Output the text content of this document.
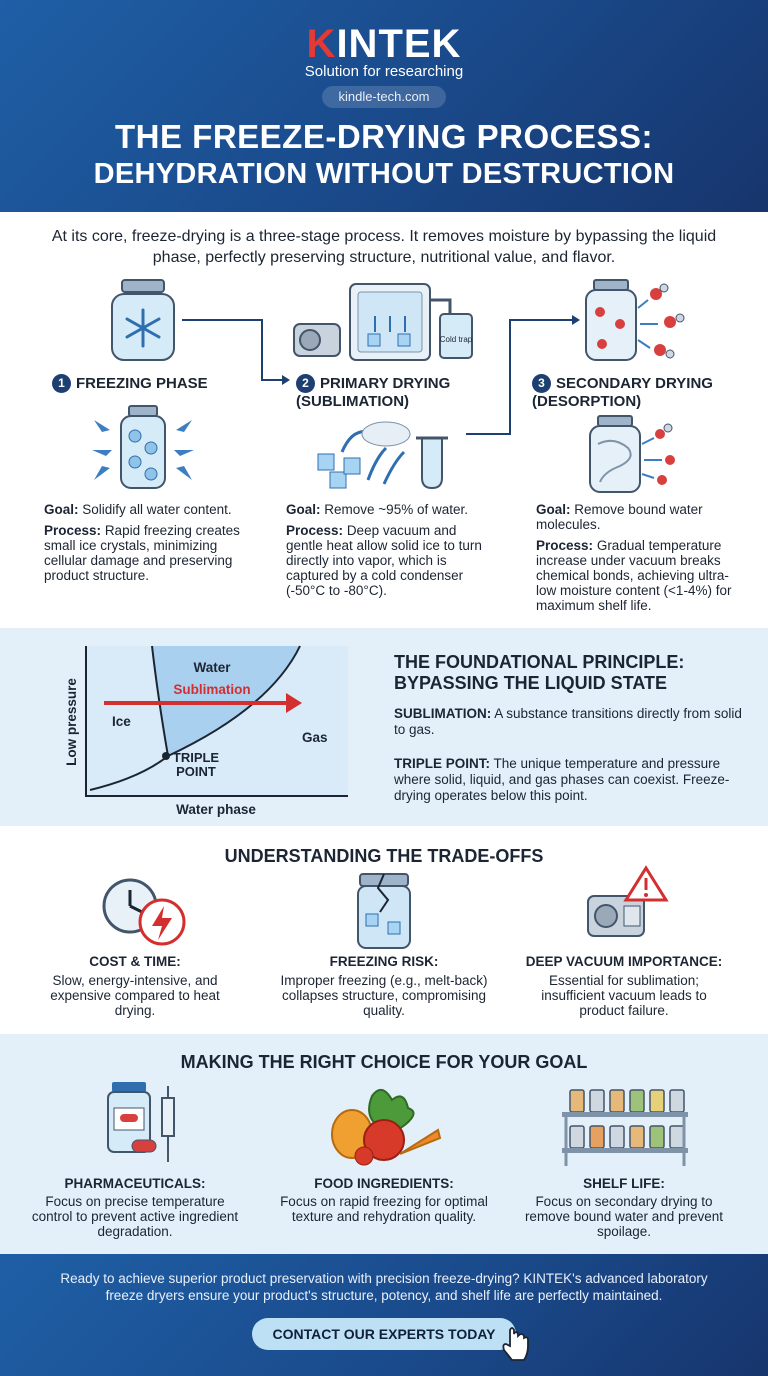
KINTEK
Solution for researching
kindle-tech.com
THE FREEZE-DRYING PROCESS:
DEHYDRATION WITHOUT DESTRUCTION
At its core, freeze-drying is a three-stage process. It removes moisture by bypassing the liquid phase, perfectly preserving structure, nutritional value, and flavor.
1 FREEZING PHASE

Goal: Solidify all water content.

Process: Rapid freezing creates small ice crystals, minimizing cellular damage and preserving product structure.

Cold trap
2 PRIMARY DRYING (SUBLIMATION)

Goal: Remove ~95% of water.

Process: Deep vacuum and gentle heat allow solid ice to turn directly into vapor, which is captured by a cold condenser (-50°C to -80°C).

3 SECONDARY DRYING (DESORPTION)

Goal: Remove bound water molecules.

Process: Gradual temperature increase under vacuum breaks chemical bonds, achieving ultra-low moisture content (<1-4%) for maximum shelf life.

Water
Sublimation
Ice
Gas
TRIPLE
POINT
Water phase
Low pressure
THE FOUNDATIONAL PRINCIPLE:
BYPASSING THE LIQUID STATE
SUBLIMATION: A substance transitions directly from solid to gas.
TRIPLE POINT: The unique temperature and pressure where solid, liquid, and gas phases can coexist. Freeze-drying operates below this point.
UNDERSTANDING THE TRADE-OFFS
COST & TIME:
Slow, energy-intensive, and expensive compared to heat drying.
FREEZING RISK:
Improper freezing (e.g., melt-back) collapses structure, compromising quality.
DEEP VACUUM IMPORTANCE:
Essential for sublimation; insufficient vacuum leads to product failure.
MAKING THE RIGHT CHOICE FOR YOUR GOAL
PHARMACEUTICALS:
Focus on precise temperature control to prevent active ingredient degradation.
FOOD INGREDIENTS:
Focus on rapid freezing for optimal texture and rehydration quality.
SHELF LIFE:
Focus on secondary drying to remove bound water and prevent spoilage.
Ready to achieve superior product preservation with precision freeze-drying? KINTEK's advanced laboratory freeze dryers ensure your product's structure, potency, and shelf life are perfectly maintained.
CONTACT OUR EXPERTS TODAY
